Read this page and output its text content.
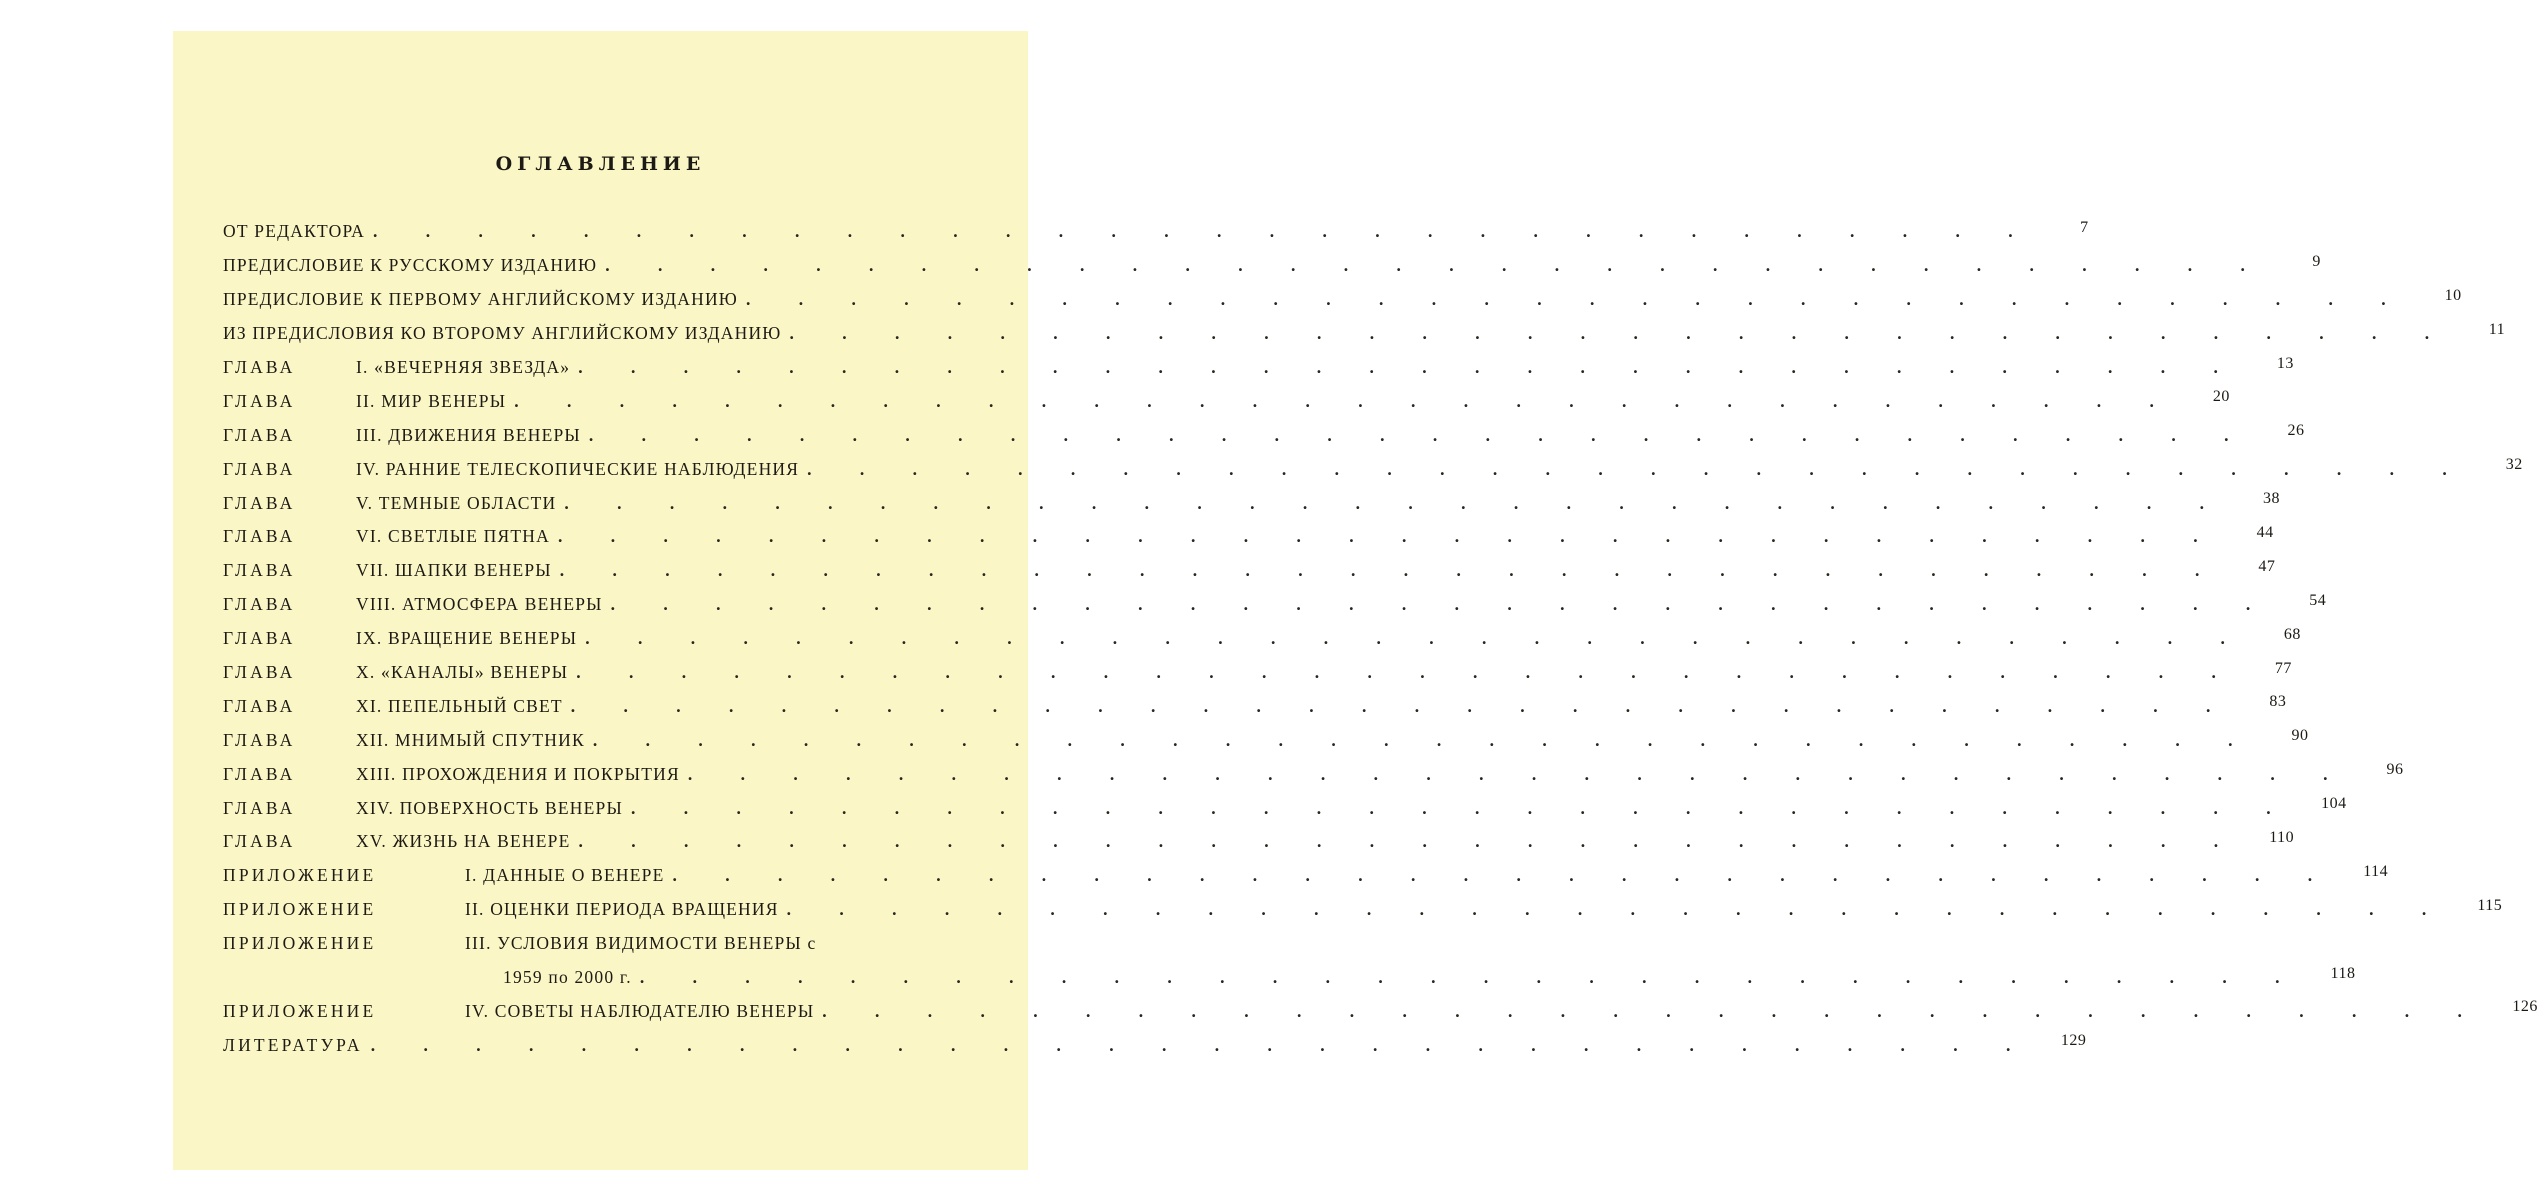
ОГЛАВЛЕНИЕ
ОТ РЕДАКТОРА . . . . . . . . . . . . . . . . . . . . . . . . . . . . . . . .	7
ПРЕДИСЛОВИЕ К РУССКОМУ ИЗДАНИЮ . . . . . . . . . . . . . . . . . . . . . . . . . . . . . . . .	9
ПРЕДИСЛОВИЕ К ПЕРВОМУ АНГЛИЙСКОМУ ИЗДАНИЮ . . . . . . . . . . . . . . . . . . . . . . . . . . . . . . . .	10
ИЗ ПРЕДИСЛОВИЯ КО ВТОРОМУ АНГЛИЙСКОМУ ИЗДАНИЮ . . . . . . . . . . . . . . . . . . . . . . . . . . . . . . . .	11
ГЛАВА	I. «ВЕЧЕРНЯЯ ЗВЕЗДА» . . . . . . . . . . . . . . . . . . . . . . . . . . . . . . . .	13
ГЛАВА	II. МИР ВЕНЕРЫ . . . . . . . . . . . . . . . . . . . . . . . . . . . . . . . .	20
ГЛАВА	III. ДВИЖЕНИЯ ВЕНЕРЫ . . . . . . . . . . . . . . . . . . . . . . . . . . . . . . . .	26
ГЛАВА	IV. РАННИЕ ТЕЛЕСКОПИЧЕСКИЕ НАБЛЮДЕНИЯ . . . . . . . . . . . . . . . . . . . . . . . . . . . . . . . .	32
ГЛАВА	V. ТЕМНЫЕ ОБЛАСТИ . . . . . . . . . . . . . . . . . . . . . . . . . . . . . . . .	38
ГЛАВА	VI. СВЕТЛЫЕ ПЯТНА . . . . . . . . . . . . . . . . . . . . . . . . . . . . . . . .	44
ГЛАВА	VII. ШАПКИ ВЕНЕРЫ . . . . . . . . . . . . . . . . . . . . . . . . . . . . . . . .	47
ГЛАВА	VIII. АТМОСФЕРА ВЕНЕРЫ . . . . . . . . . . . . . . . . . . . . . . . . . . . . . . . .	54
ГЛАВА	IX. ВРАЩЕНИЕ ВЕНЕРЫ . . . . . . . . . . . . . . . . . . . . . . . . . . . . . . . .	68
ГЛАВА	X. «КАНАЛЫ» ВЕНЕРЫ . . . . . . . . . . . . . . . . . . . . . . . . . . . . . . . .	77
ГЛАВА	XI. ПЕПЕЛЬНЫЙ СВЕТ . . . . . . . . . . . . . . . . . . . . . . . . . . . . . . . .	83
ГЛАВА	XII. МНИМЫЙ СПУТНИК . . . . . . . . . . . . . . . . . . . . . . . . . . . . . . . .	90
ГЛАВА	XIII. ПРОХОЖДЕНИЯ И ПОКРЫТИЯ . . . . . . . . . . . . . . . . . . . . . . . . . . . . . . . .	96
ГЛАВА	XIV. ПОВЕРХНОСТЬ ВЕНЕРЫ . . . . . . . . . . . . . . . . . . . . . . . . . . . . . . . .	104
ГЛАВА	XV. ЖИЗНЬ НА ВЕНЕРЕ . . . . . . . . . . . . . . . . . . . . . . . . . . . . . . . .	110
ПРИЛОЖЕНИЕ	I. ДАННЫЕ О ВЕНЕРЕ . . . . . . . . . . . . . . . . . . . . . . . . . . . . . . . .	114
ПРИЛОЖЕНИЕ	II. ОЦЕНКИ ПЕРИОДА ВРАЩЕНИЯ . . . . . . . . . . . . . . . . . . . . . . . . . . . . . . . .	115
ПРИЛОЖЕНИЕ	III. УСЛОВИЯ ВИДИМОСТИ ВЕНЕРЫ с
1959 по 2000 г. . . . . . . . . . . . . . . . . . . . . . . . . . . . . . . . .	118
ПРИЛОЖЕНИЕ	IV. СОВЕТЫ НАБЛЮДАТЕЛЮ ВЕНЕРЫ . . . . . . . . . . . . . . . . . . . . . . . . . . . . . . . .	126
ЛИТЕРАТУРА . . . . . . . . . . . . . . . . . . . . . . . . . . . . . . . .	129
